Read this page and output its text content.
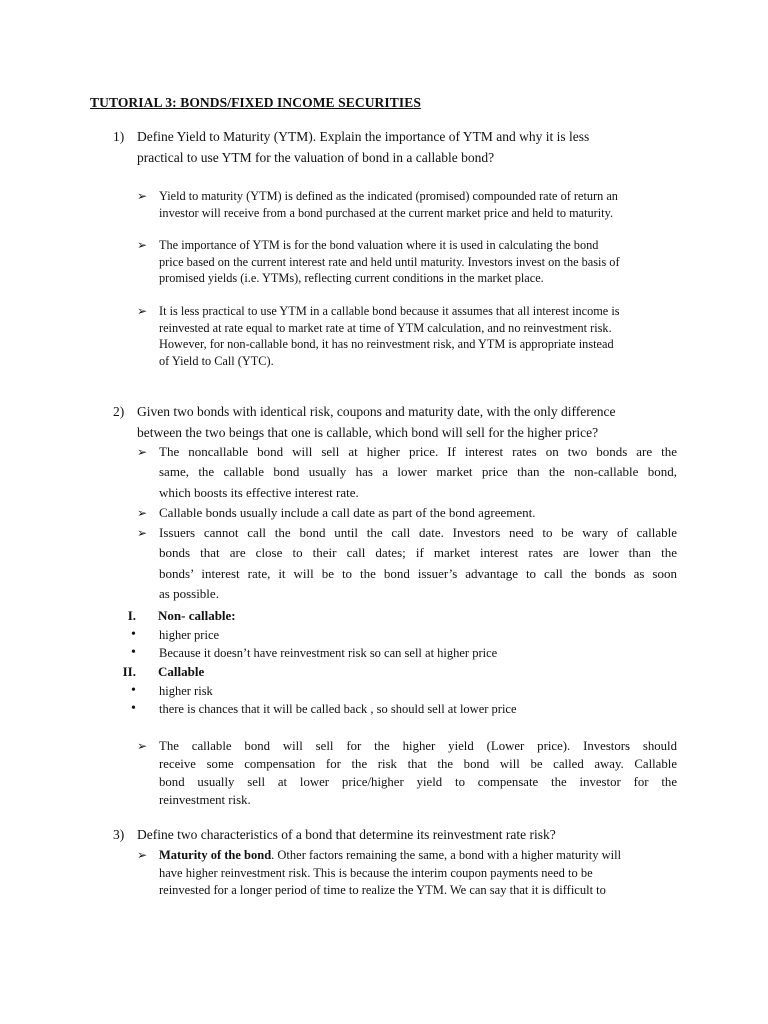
TUTORIAL 3: BONDS/FIXED INCOME SECURITIES
1) Define Yield to Maturity (YTM). Explain the importance of YTM and why it is less
practical to use YTM for the valuation of bond in a callable bond?
➢ Yield to maturity (YTM) is defined as the indicated (promised) compounded rate of return an
investor will receive from a bond purchased at the current market price and held to maturity.
➢ The importance of YTM is for the bond valuation where it is used in calculating the bond
price based on the current interest rate and held until maturity. Investors invest on the basis of
promised yields (i.e. YTMs), reflecting current conditions in the market place.
➢ It is less practical to use YTM in a callable bond because it assumes that all interest income is
reinvested at rate equal to market rate at time of YTM calculation, and no reinvestment risk.
However, for non-callable bond, it has no reinvestment risk, and YTM is appropriate instead
of Yield to Call (YTC).
2) Given two bonds with identical risk, coupons and maturity date, with the only difference
between the two beings that one is callable, which bond will sell for the higher price?
➢ The noncallable bond will sell at higher price. If interest rates on two bonds are the
same, the callable bond usually has a lower market price than the non-callable bond,
which boosts its effective interest rate.
➢ Callable bonds usually include a call date as part of the bond agreement.
➢ Issuers cannot call the bond until the call date. Investors need to be wary of callable
bonds that are close to their call dates; if market interest rates are lower than the
bonds’ interest rate, it will be to the bond issuer’s advantage to call the bonds as soon
as possible.
I. Non- callable:
• higher price
• Because it doesn’t have reinvestment risk so can sell at higher price
II. Callable
• higher risk
• there is chances that it will be called back , so should sell at lower price
➢ The callable bond will sell for the higher yield (Lower price). Investors should
receive some compensation for the risk that the bond will be called away. Callable
bond usually sell at lower price/higher yield to compensate the investor for the
reinvestment risk.
3) Define two characteristics of a bond that determine its reinvestment rate risk?
➢ Maturity of the bond. Other factors remaining the same, a bond with a higher maturity will
have higher reinvestment risk. This is because the interim coupon payments need to be
reinvested for a longer period of time to realize the YTM. We can say that it is difficult to
